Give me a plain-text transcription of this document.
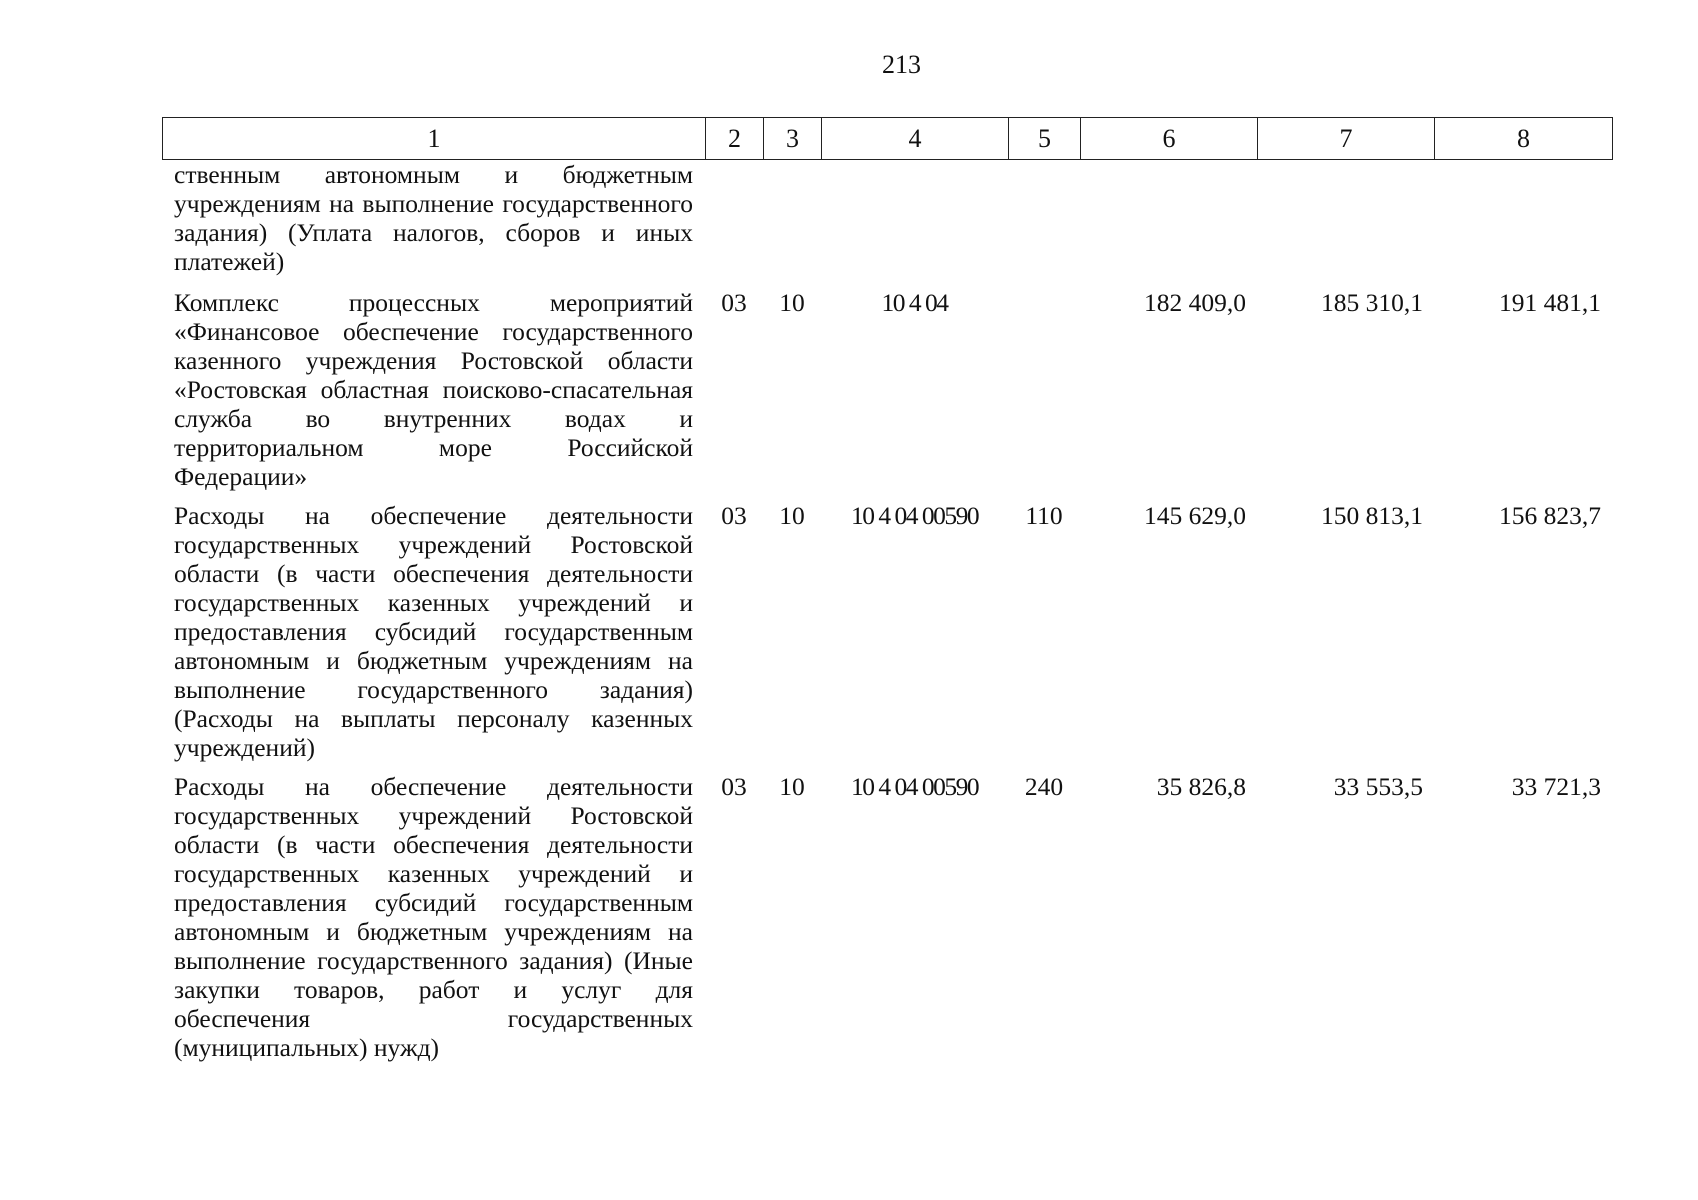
213
1	2	3	4	5	6	7	8
ственным автономным и бюджетным учреждениям на выполнение государственного задания) (Уплата налогов, сборов и иных платежей)							
Комплекс процессных мероприятий «Финансовое обеспечение государственного казенного учреждения Ростовской области «Ростовская областная поисково-спасательная служба во внутренних водах и территориальном море Российской Федерации»	03	10	10 4 04		182 409,0	185 310,1	191 481,1
Расходы на обеспечение деятельности государственных учреждений Ростовской области (в части обеспечения деятельности государственных казенных учреждений и предоставления субсидий государственным автономным и бюджетным учреждениям на выполнение государственного задания) (Расходы на выплаты персоналу казенных учреждений)	03	10	10 4 04 00590	110	145 629,0	150 813,1	156 823,7
Расходы на обеспечение деятельности государственных учреждений Ростовской области (в части обеспечения деятельности государственных казенных учреждений и предоставления субсидий государственным автономным и бюджетным учреждениям на выполнение государственного задания) (Иные закупки товаров, работ и услуг для обеспечения государственных (муниципальных) нужд)	03	10	10 4 04 00590	240	35 826,8	33 553,5	33 721,3
